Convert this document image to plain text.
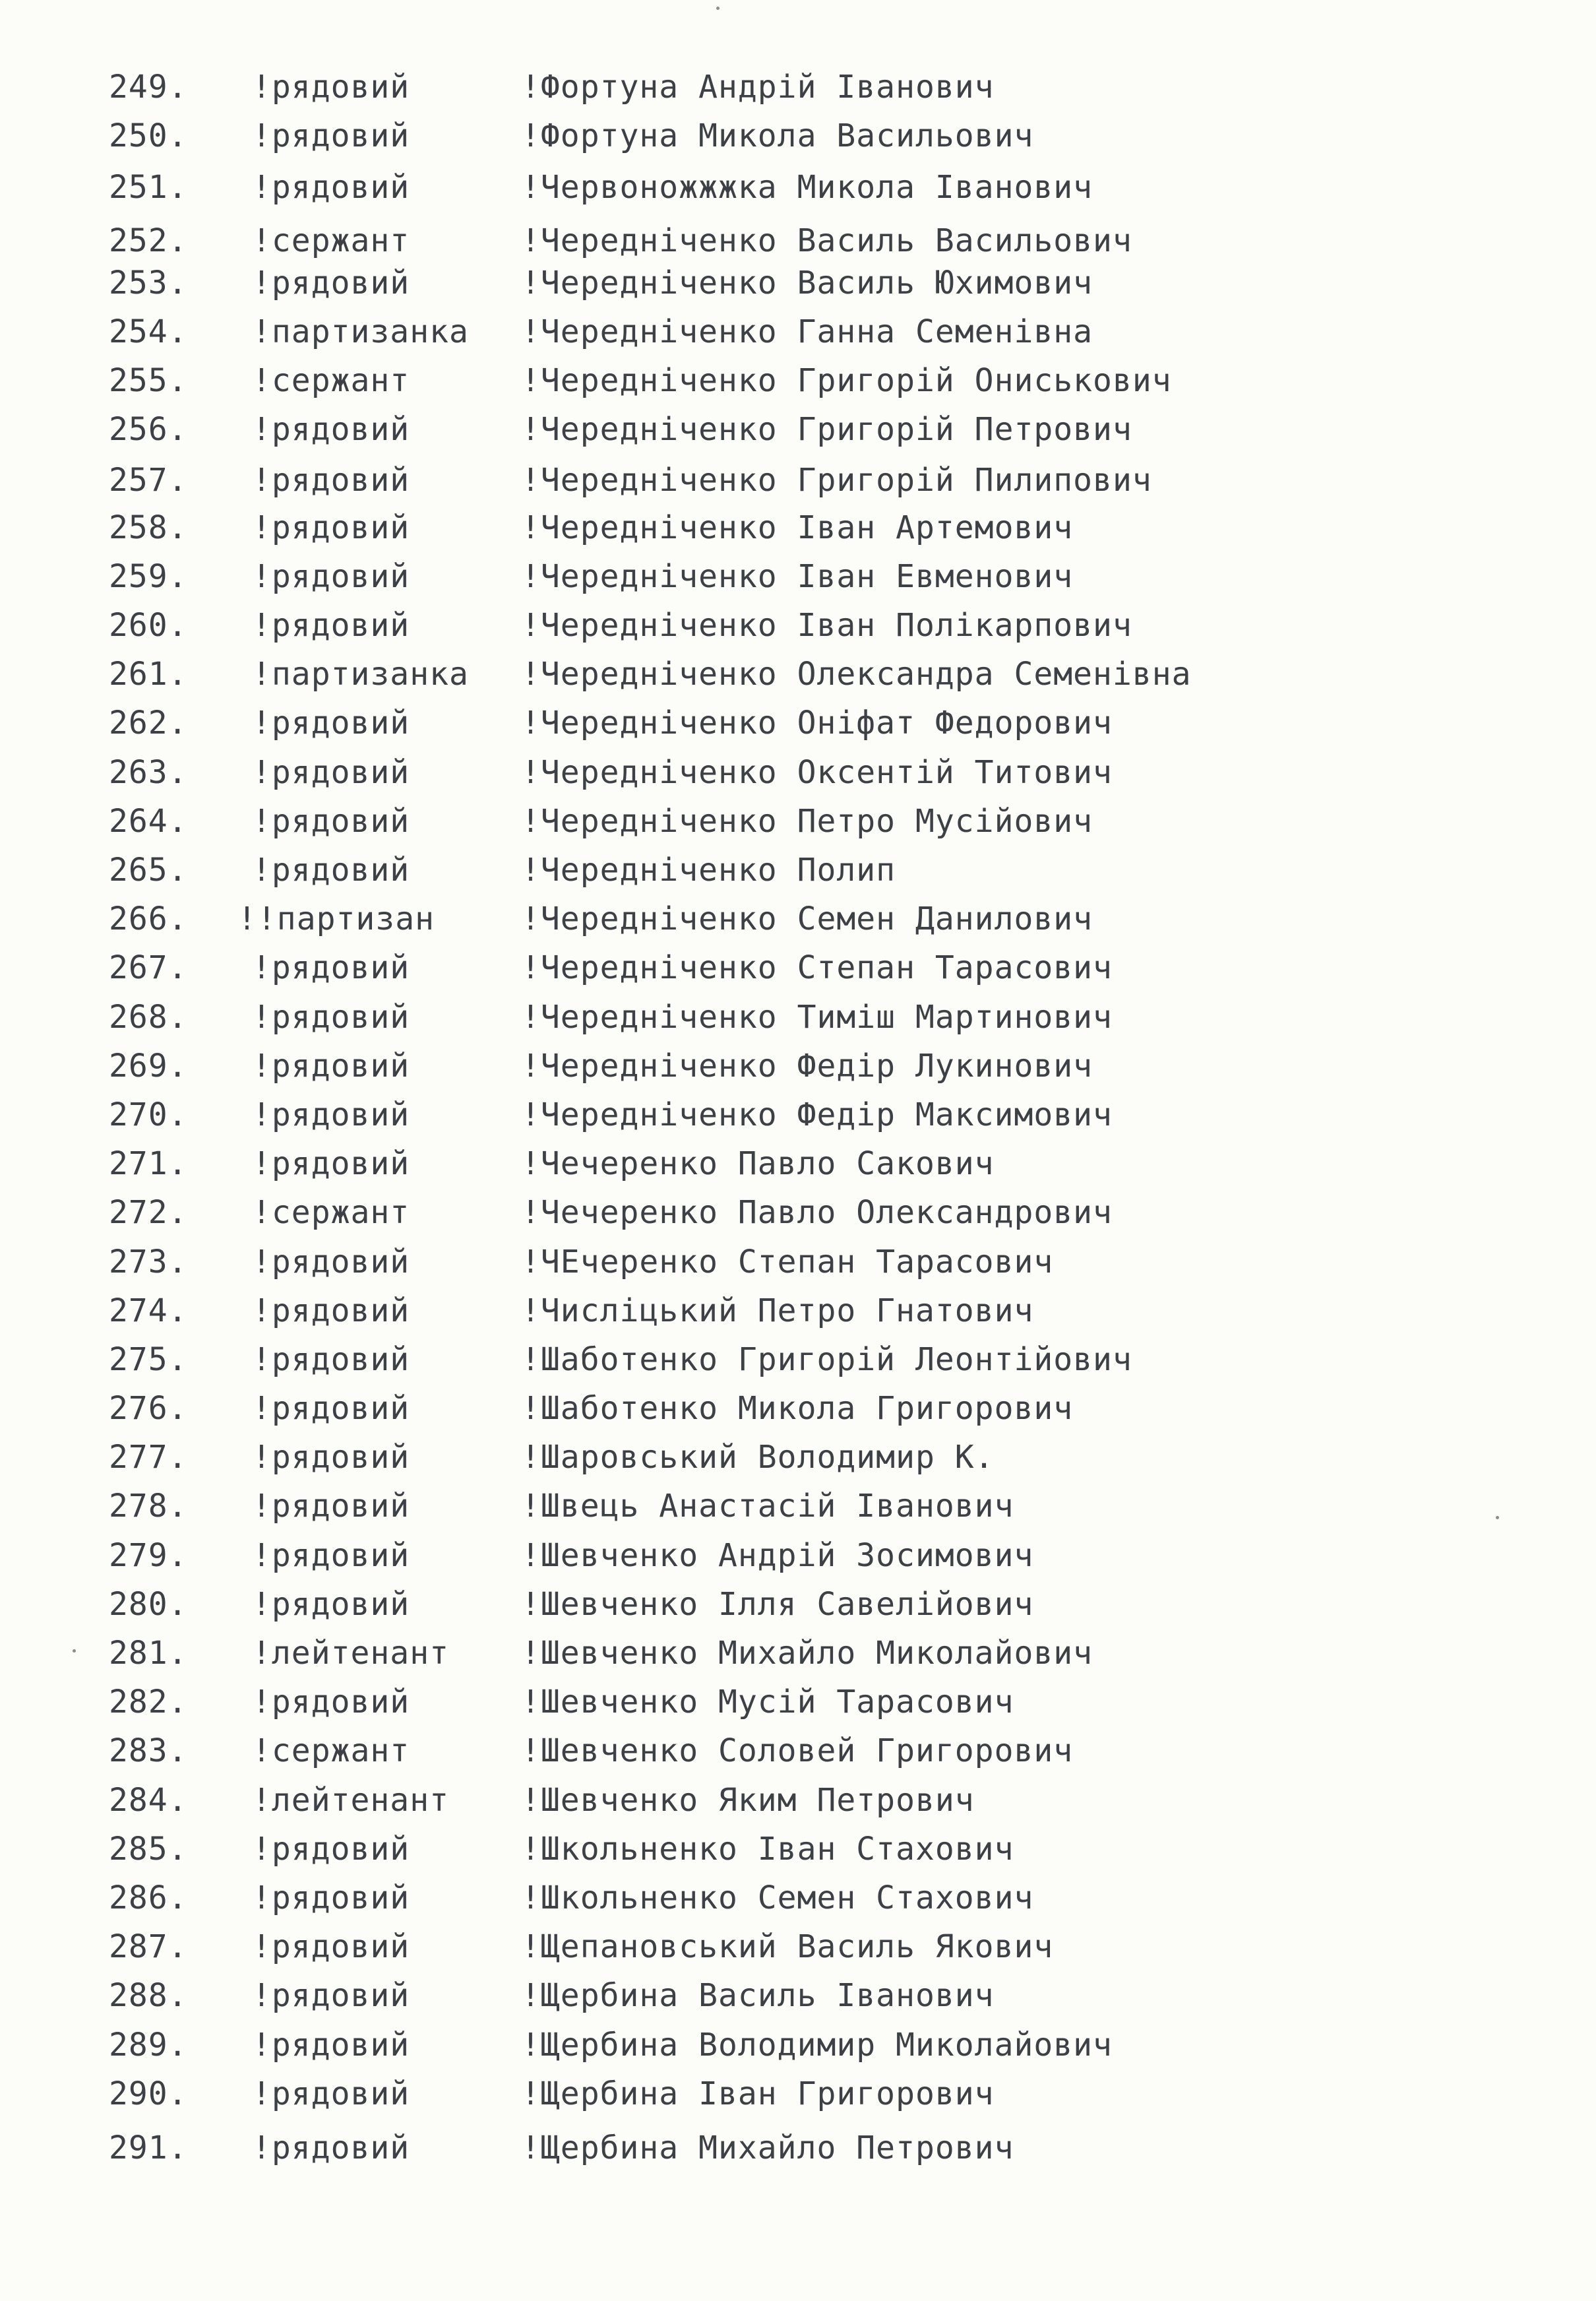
249. !рядовий	!Фортуна Андрій Іванович
250. !рядовий	!Фортуна Микола Васильович
251. !рядовий	!Червоножжжка Микола Іванович
252. !сержант	!Чередніченко Василь Васильович
253. !рядовий	!Чередніченко Василь Юхимович
254. !партизанка !Чередніченко Ганна Семенівна
255. !сержант	!Чередніченко Григорій Ониськович
256. !рядовий	!Чередніченко Григорій Петрович
257. !рядовий	!Чередніченко Григорій Пилипович
258. !рядовий	!Чередніченко Іван Артемович
259. !рядовий	!Чередніченко Іван Евменович
260. !рядовий	!Чередніченко Іван Полікарпович
261. !партизанка !Чередніченко Олександра Семенівна
262. !рядовий	!Чередніченко Оніфат Федорович
263. !рядовий	!Чередніченко Оксентій Титович
264. !рядовий	!Чередніченко Петро Мусійович
265. !рядовий	!Чередніченко Полип
266. !!партизан	!Чередніченко Семен Данилович
267. !рядовий	!Чередніченко Степан Тарасович
268. !рядовий	!Чередніченко Тиміш Мартинович
269. !рядовий	!Чередніченко Федір Лукинович
270. !рядовий	!Чередніченко Федір Максимович
271. !рядовий	!Чечеренко Павло Сакович
272. !сержант	!Чечеренко Павло Олександрович
273. !рядовий	!ЧЕчеренко Степан Тарасович
274. !рядовий	!Числіцький Петро Гнатович
275. !рядовий	!Шаботенко Григорій Леонтійович
276. !рядовий	!Шаботенко Микола Григорович
277. !рядовий	!Шаровський Володимир К.
278. !рядовий	!Швець Анастасій Іванович
279. !рядовий	!Шевченко Андрій Зосимович
280. !рядовий	!Шевченко Ілля Савелійович
281. !лейтенант !Шевченко Михайло Миколайович
282. !рядовий	!Шевченко Мусій Тарасович
283. !сержант	!Шевченко Соловей Григорович
284. !лейтенант !Шевченко Яким Петрович
285. !рядовий	!Школьненко Іван Стахович
286. !рядовий	!Школьненко Семен Стахович
287. !рядовий	!Щепановський Василь Якович
288. !рядовий	!Щербина Василь Іванович
289. !рядовий	!Щербина Володимир Миколайович
290. !рядовий	!Щербина Іван Григорович
291. !рядовий	!Щербина Михайло Петрович
